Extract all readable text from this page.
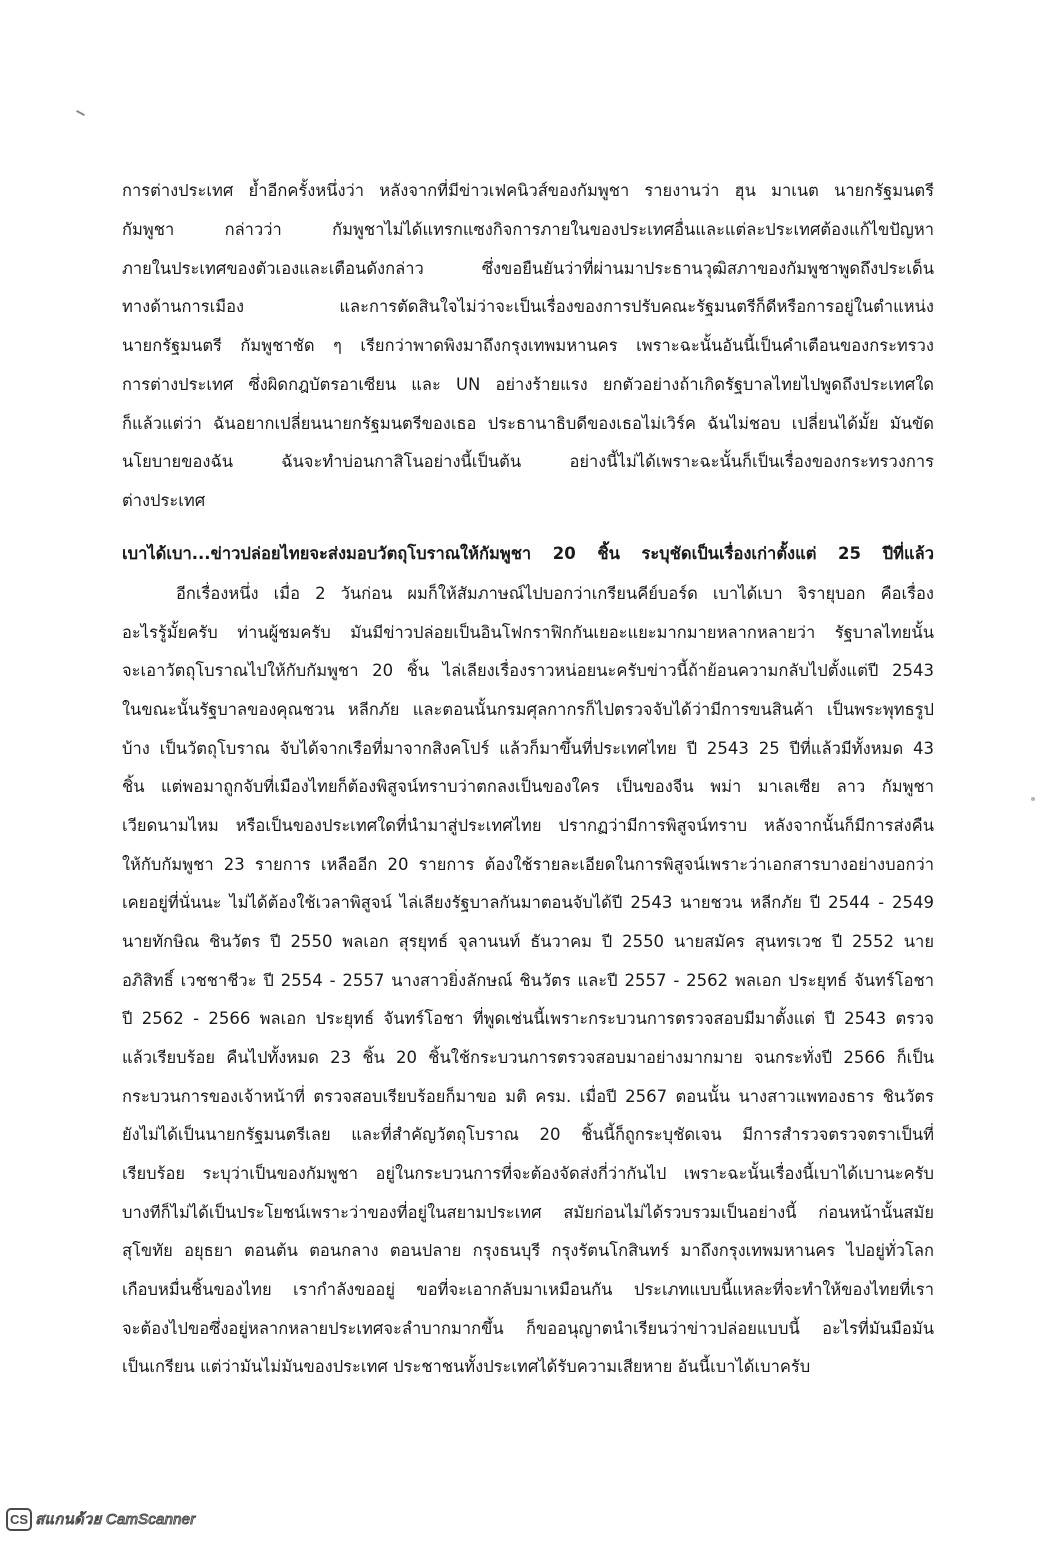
การต่างประเทศ ย้ำอีกครั้งหนึ่งว่า หลังจากที่มีข่าวเฟคนิวส์ของกัมพูชา รายงานว่า ฮุน มาเนต นายกรัฐมนตรี
กัมพูชา กล่าวว่า กัมพูชาไม่ได้แทรกแซงกิจการภายในของประเทศอื่นและแต่ละประเทศต้องแก้ไขปัญหา
ภายในประเทศของตัวเองและเตือนดังกล่าว ซึ่งขอยืนยันว่าที่ผ่านมาประธานวุฒิสภาของกัมพูชาพูดถึงประเด็น
ทางด้านการเมือง และการตัดสินใจไม่ว่าจะเป็นเรื่องของการปรับคณะรัฐมนตรีก็ดีหรือการอยู่ในตำแหน่ง
นายกรัฐมนตรี กัมพูชาชัด ๆ เรียกว่าพาดพิงมาถึงกรุงเทพมหานคร เพราะฉะนั้นอันนี้เป็นคำเตือนของกระทรวง
การต่างประเทศ ซึ่งผิดกฎบัตรอาเซียน และ UN อย่างร้ายแรง ยกตัวอย่างถ้าเกิดรัฐบาลไทยไปพูดถึงประเทศใด
ก็แล้วแต่ว่า ฉันอยากเปลี่ยนนายกรัฐมนตรีของเธอ ประธานาธิบดีของเธอไม่เวิร์ค ฉันไม่ชอบ เปลี่ยนได้มั้ย มันขัด
นโยบายของฉัน ฉันจะทำบ่อนกาสิโนอย่างนี้เป็นต้น อย่างนี้ไม่ได้เพราะฉะนั้นก็เป็นเรื่องของกระทรวงการ
ต่างประเทศ
เบาได้เบา...ข่าวปล่อยไทยจะส่งมอบวัตถุโบราณให้กัมพูชา 20 ชิ้น ระบุชัดเป็นเรื่องเก่าตั้งแต่ 25 ปีที่แล้ว
อีกเรื่องหนึ่ง เมื่อ 2 วันก่อน ผมก็ให้สัมภาษณ์ไปบอกว่าเกรียนคีย์บอร์ด เบาได้เบา จิรายุบอก คือเรื่อง
อะไรรู้มั้ยครับ ท่านผู้ชมครับ มันมีข่าวปล่อยเป็นอินโฟกราฟิกกันเยอะแยะมากมายหลากหลายว่า รัฐบาลไทยนั้น
จะเอาวัตถุโบราณไปให้กับกัมพูชา 20 ชิ้น ไล่เลียงเรื่องราวหน่อยนะครับข่าวนี้ถ้าย้อนความกลับไปตั้งแต่ปี 2543
ในขณะนั้นรัฐบาลของคุณชวน หลีกภัย และตอนนั้นกรมศุลกากรก็ไปตรวจจับได้ว่ามีการขนสินค้า เป็นพระพุทธรูป
บ้าง เป็นวัตถุโบราณ จับได้จากเรือที่มาจากสิงคโปร์ แล้วก็มาขึ้นที่ประเทศไทย ปี 2543 25 ปีที่แล้วมีทั้งหมด 43
ชิ้น แต่พอมาถูกจับที่เมืองไทยก็ต้องพิสูจน์ทราบว่าตกลงเป็นของใคร เป็นของจีน พม่า มาเลเซีย ลาว กัมพูชา
เวียดนามไหม หรือเป็นของประเทศใดที่นำมาสู่ประเทศไทย ปรากฏว่ามีการพิสูจน์ทราบ หลังจากนั้นก็มีการส่งคืน
ให้กับกัมพูชา 23 รายการ เหลืออีก 20 รายการ ต้องใช้รายละเอียดในการพิสูจน์เพราะว่าเอกสารบางอย่างบอกว่า
เคยอยู่ที่นั่นนะ ไม่ได้ต้องใช้เวลาพิสูจน์ ไล่เลียงรัฐบาลกันมาตอนจับได้ปี 2543 นายชวน หลีกภัย ปี 2544 - 2549
นายทักษิณ ชินวัตร ปี 2550 พลเอก สุรยุทธ์ จุลานนท์ ธันวาคม ปี 2550 นายสมัคร สุนทรเวช ปี 2552 นาย
อภิสิทธิ์ เวชชาชีวะ ปี 2554 - 2557 นางสาวยิ่งลักษณ์ ชินวัตร และปี 2557 - 2562 พลเอก ประยุทธ์ จันทร์โอชา
ปี 2562 - 2566 พลเอก ประยุทธ์ จันทร์โอชา ที่พูดเช่นนี้เพราะกระบวนการตรวจสอบมีมาตั้งแต่ ปี 2543 ตรวจ
แล้วเรียบร้อย คืนไปทั้งหมด 23 ชิ้น 20 ชิ้นใช้กระบวนการตรวจสอบมาอย่างมากมาย จนกระทั่งปี 2566 ก็เป็น
กระบวนการของเจ้าหน้าที่ ตรวจสอบเรียบร้อยก็มาขอ มติ ครม. เมื่อปี 2567 ตอนนั้น นางสาวแพทองธาร ชินวัตร
ยังไม่ได้เป็นนายกรัฐมนตรีเลย และที่สำคัญวัตถุโบราณ 20 ชิ้นนี้ก็ถูกระบุชัดเจน มีการสำรวจตรวจตราเป็นที่
เรียบร้อย ระบุว่าเป็นของกัมพูชา อยู่ในกระบวนการที่จะต้องจัดส่งกี่ว่ากันไป เพราะฉะนั้นเรื่องนี้เบาได้เบานะครับ
บางทีก็ไม่ได้เป็นประโยชน์เพราะว่าของที่อยู่ในสยามประเทศ สมัยก่อนไม่ได้รวบรวมเป็นอย่างนี้ ก่อนหน้านั้นสมัย
สุโขทัย อยุธยา ตอนต้น ตอนกลาง ตอนปลาย กรุงธนบุรี กรุงรัตนโกสินทร์ มาถึงกรุงเทพมหานคร ไปอยู่ทั่วโลก
เกือบหมื่นชิ้นของไทย เรากำลังขออยู่ ขอที่จะเอากลับมาเหมือนกัน ประเภทแบบนี้แหละที่จะทำให้ของไทยที่เรา
จะต้องไปขอซึ่งอยู่หลากหลายประเทศจะลำบากมากขึ้น ก็ขออนุญาตนำเรียนว่าข่าวปล่อยแบบนี้ อะไรที่มันมือมัน
เป็นเกรียน แต่ว่ามันไม่มันของประเทศ ประชาชนทั้งประเทศได้รับความเสียหาย อันนี้เบาได้เบาครับ
CS สแกนด้วย CamScanner
